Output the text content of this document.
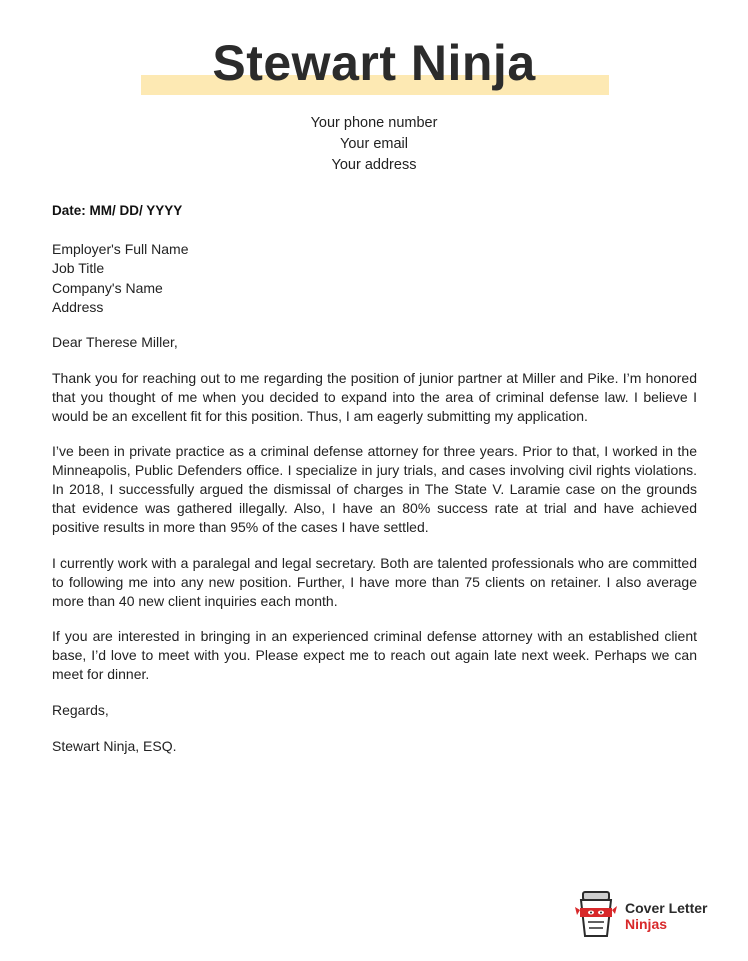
Stewart Ninja
Your phone number
Your email
Your address
Date: MM/ DD/ YYYY
Employer's Full Name
Job Title
Company's Name
Address
Dear Therese Miller,

Thank you for reaching out to me regarding the position of junior partner at Miller and Pike. I’m honored that you thought of me when you decided to expand into the area of criminal defense law. I believe I would be an excellent fit for this position. Thus, I am eagerly submitting my application.

I’ve been in private practice as a criminal defense attorney for three years. Prior to that, I worked in the Minneapolis, Public Defenders office. I specialize in jury trials, and cases involving civil rights violations. In 2018, I successfully argued the dismissal of charges in The State V. Laramie case on the grounds that evidence was gathered illegally. Also, I have an 80% success rate at trial and have achieved positive results in more than 95% of the cases I have settled.

I currently work with a paralegal and legal secretary. Both are talented professionals who are committed to following me into any new position. Further, I have more than 75 clients on retainer. I also average more than 40 new client inquiries each month.

If you are interested in bringing in an experienced criminal defense attorney with an established client base, I’d love to meet with you. Please expect me to reach out again late next week. Perhaps we can meet for dinner.

Regards,
Stewart Ninja, ESQ.
Cover Letter
Ninjas
